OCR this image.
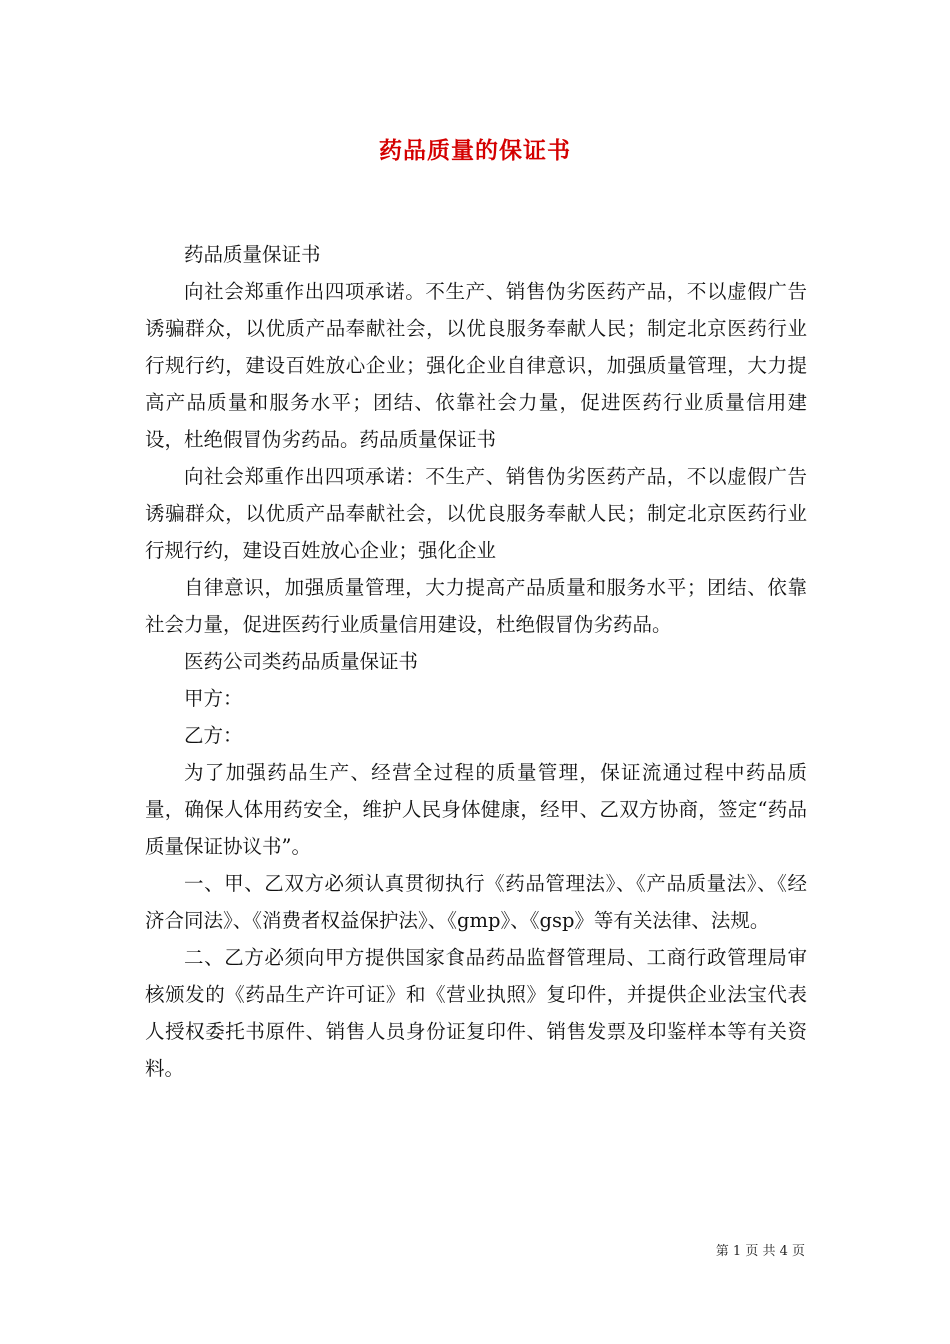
药品质量的保证书

药品质量保证书

向社会郑重作出四项承诺。不生产、销售伪劣医药产品，不以虚假广告诱骗群众，以优质产品奉献社会，以优良服务奉献人民；制定北京医药行业行规行约，建设百姓放心企业；强化企业自律意识，加强质量管理，大力提高产品质量和服务水平；团结、依靠社会力量，促进医药行业质量信用建设，杜绝假冒伪劣药品。药品质量保证书

向社会郑重作出四项承诺：不生产、销售伪劣医药产品，不以虚假广告诱骗群众，以优质产品奉献社会，以优良服务奉献人民；制定北京医药行业行规行约，建设百姓放心企业；强化企业

自律意识，加强质量管理，大力提高产品质量和服务水平；团结、依靠社会力量，促进医药行业质量信用建设，杜绝假冒伪劣药品。

医药公司类药品质量保证书

甲方：

乙方：

为了加强药品生产、经营全过程的质量管理，保证流通过程中药品质量，确保人体用药安全，维护人民身体健康，经甲、乙双方协商，签定“药品质量保证协议书”。

一、甲、乙双方必须认真贯彻执行《药品管理法》、《产品质量法》、《经济合同法》、《消费者权益保护法》、《gmp》、《gsp》等有关法律、法规。

二、乙方必须向甲方提供国家食品药品监督管理局、工商行政管理局审核颁发的《药品生产许可证》和《营业执照》复印件，并提供企业法宝代表人授权委托书原件、销售人员身份证复印件、销售发票及印鉴样本等有关资料。

第 1 页 共 4 页
